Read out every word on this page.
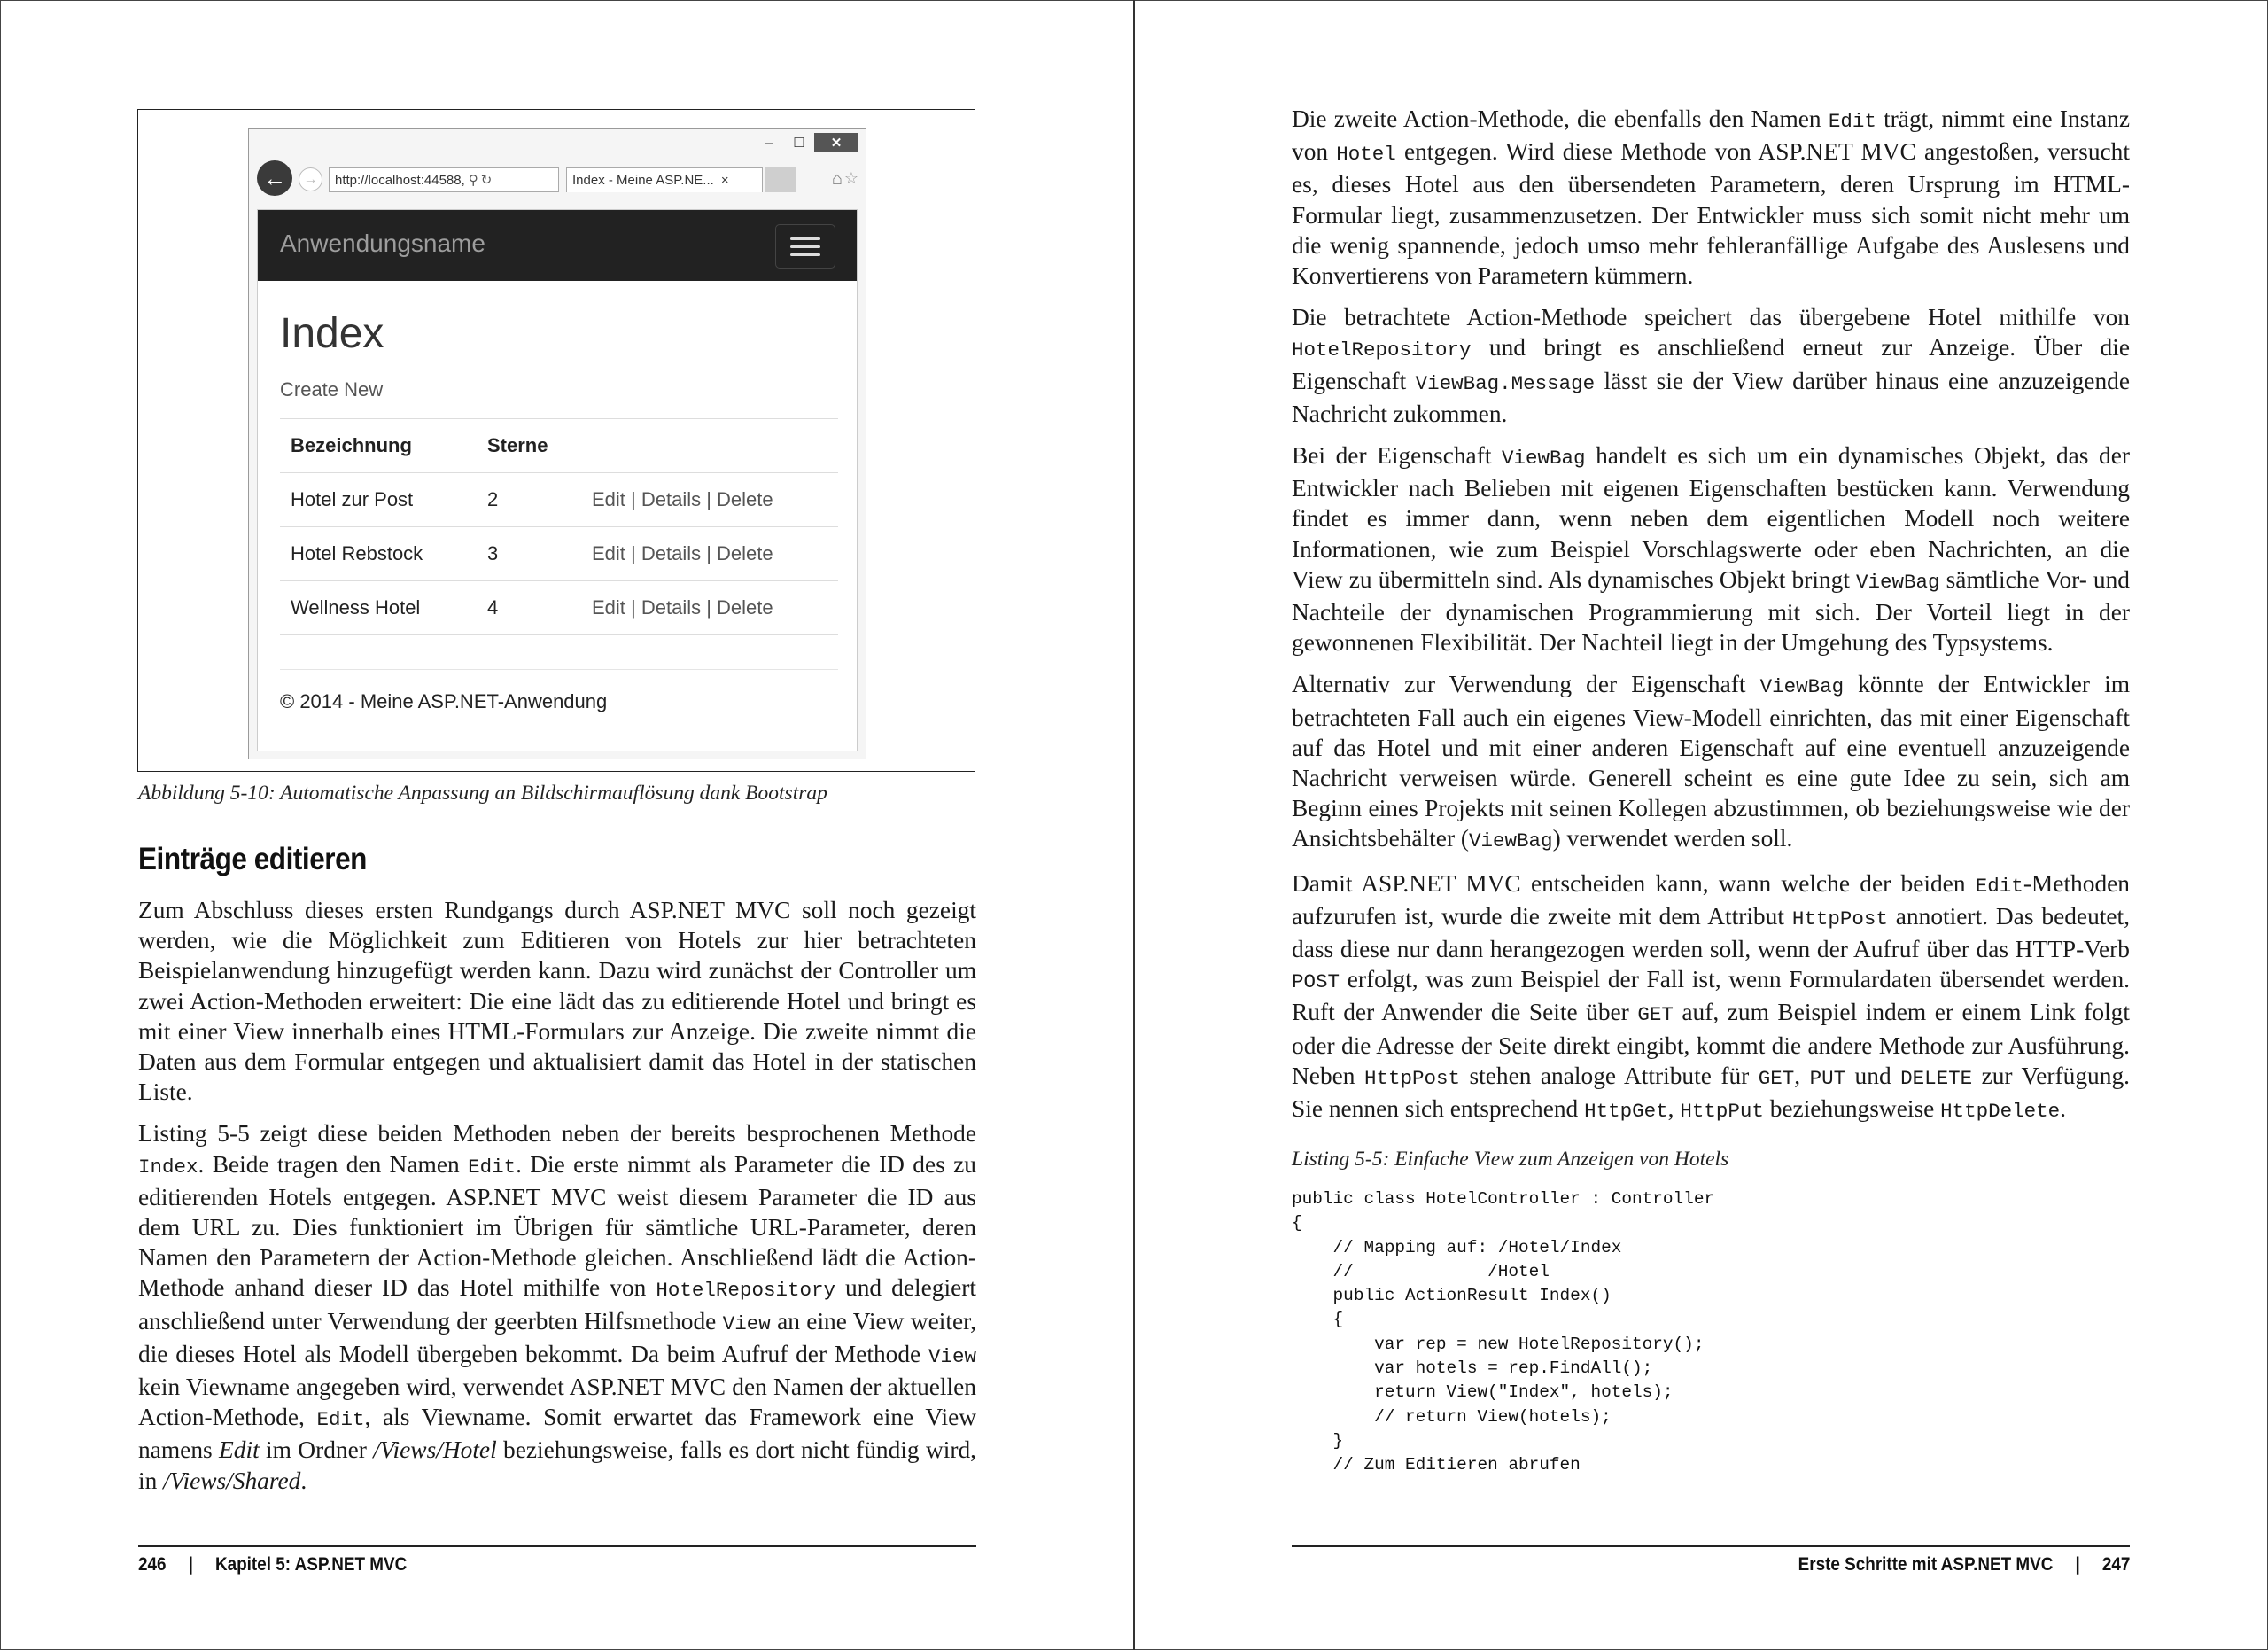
–	☐	✕
←	→	http://localhost:44588, ⚲ ↻	Index - Meine ASP.NE... ×	⌂ ☆
Anwendungsname
Index
Create New
Bezeichnung	Sterne
Hotel zur Post	2	Edit | Details | Delete
Hotel Rebstock	3	Edit | Details | Delete
Wellness Hotel	4	Edit | Details | Delete
© 2014 - Meine ASP.NET-Anwendung
Abbildung 5-10: Automatische Anpassung an Bildschirmauflösung dank Bootstrap
Einträge editieren

Zum Abschluss dieses ersten Rundgangs durch ASP.NET MVC soll noch gezeigt werden, wie die Möglichkeit zum Editieren von Hotels zur hier betrachteten Beispielanwendung hinzugefügt werden kann. Dazu wird zunächst der Controller um zwei Action-Methoden erweitert: Die eine lädt das zu editierende Hotel und bringt es mit einer View innerhalb eines HTML-Formulars zur Anzeige. Die zweite nimmt die Daten aus dem Formular entgegen und aktualisiert damit das Hotel in der statischen Liste.

Listing 5-5 zeigt diese beiden Methoden neben der bereits besprochenen Methode Index. Beide tragen den Namen Edit. Die erste nimmt als Parameter die ID des zu editierenden Hotels entgegen. ASP.NET MVC weist diesem Parameter die ID aus dem URL zu. Dies funktioniert im Übrigen für sämtliche URL-Parameter, deren Namen den Parametern der Action-Methode gleichen. Anschließend lädt die Action-Methode anhand dieser ID das Hotel mithilfe von HotelRepository und delegiert anschließend unter Verwendung der geerbten Hilfsmethode View an eine View weiter, die dieses Hotel als Modell übergeben bekommt. Da beim Aufruf der Methode View kein Viewname angegeben wird, verwendet ASP.NET MVC den Namen der aktuellen Action-Methode, Edit, als Viewname. Somit erwartet das Framework eine View namens Edit im Ordner /Views/Hotel beziehungsweise, falls es dort nicht fündig wird, in /Views/Shared.

246 | Kapitel 5: ASP.NET MVC

Die zweite Action-Methode, die ebenfalls den Namen Edit trägt, nimmt eine Instanz von Hotel entgegen. Wird diese Methode von ASP.NET MVC angestoßen, versucht es, dieses Hotel aus den übersendeten Parametern, deren Ursprung im HTML-Formular liegt, zusammenzusetzen. Der Entwickler muss sich somit nicht mehr um die wenig spannende, jedoch umso mehr fehleranfällige Aufgabe des Auslesens und Konvertierens von Parametern kümmern.

Die betrachtete Action-Methode speichert das übergebene Hotel mithilfe von HotelRepository und bringt es anschließend erneut zur Anzeige. Über die Eigenschaft ViewBag.Message lässt sie der View darüber hinaus eine anzuzeigende Nachricht zukommen.

Bei der Eigenschaft ViewBag handelt es sich um ein dynamisches Objekt, das der Entwickler nach Belieben mit eigenen Eigenschaften bestücken kann. Verwendung findet es immer dann, wenn neben dem eigentlichen Modell noch weitere Informationen, wie zum Beispiel Vorschlagswerte oder eben Nachrichten, an die View zu übermitteln sind. Als dynamisches Objekt bringt ViewBag sämtliche Vor- und Nachteile der dynamischen Programmierung mit sich. Der Vorteil liegt in der gewonnenen Flexibilität. Der Nachteil liegt in der Umgehung des Typsystems.

Alternativ zur Verwendung der Eigenschaft ViewBag könnte der Entwickler im betrachteten Fall auch ein eigenes View-Modell einrichten, das mit einer Eigenschaft auf das Hotel und mit einer anderen Eigenschaft auf eine eventuell anzuzeigende Nachricht verweisen würde. Generell scheint es eine gute Idee zu sein, sich am Beginn eines Projekts mit seinen Kollegen abzustimmen, ob beziehungsweise wie der Ansichtsbehälter (ViewBag) verwendet werden soll.

Damit ASP.NET MVC entscheiden kann, wann welche der beiden Edit-Methoden aufzurufen ist, wurde die zweite mit dem Attribut HttpPost annotiert. Das bedeutet, dass diese nur dann herangezogen werden soll, wenn der Aufruf über das HTTP-Verb POST erfolgt, was zum Beispiel der Fall ist, wenn Formulardaten übersendet werden. Ruft der Anwender die Seite über GET auf, zum Beispiel indem er einem Link folgt oder die Adresse der Seite direkt eingibt, kommt die andere Methode zur Ausführung. Neben HttpPost stehen analoge Attribute für GET, PUT und DELETE zur Verfügung. Sie nennen sich entsprechend HttpGet, HttpPut beziehungsweise HttpDelete.

Listing 5-5: Einfache View zum Anzeigen von Hotels
public class HotelController : Controller
{
// Mapping auf: /Hotel/Index
//             /Hotel
public ActionResult Index()
{
var rep = new HotelRepository();
var hotels = rep.FindAll();
return View("Index", hotels);
// return View(hotels);
}
// Zum Editieren abrufen
Erste Schritte mit ASP.NET MVC | 247
